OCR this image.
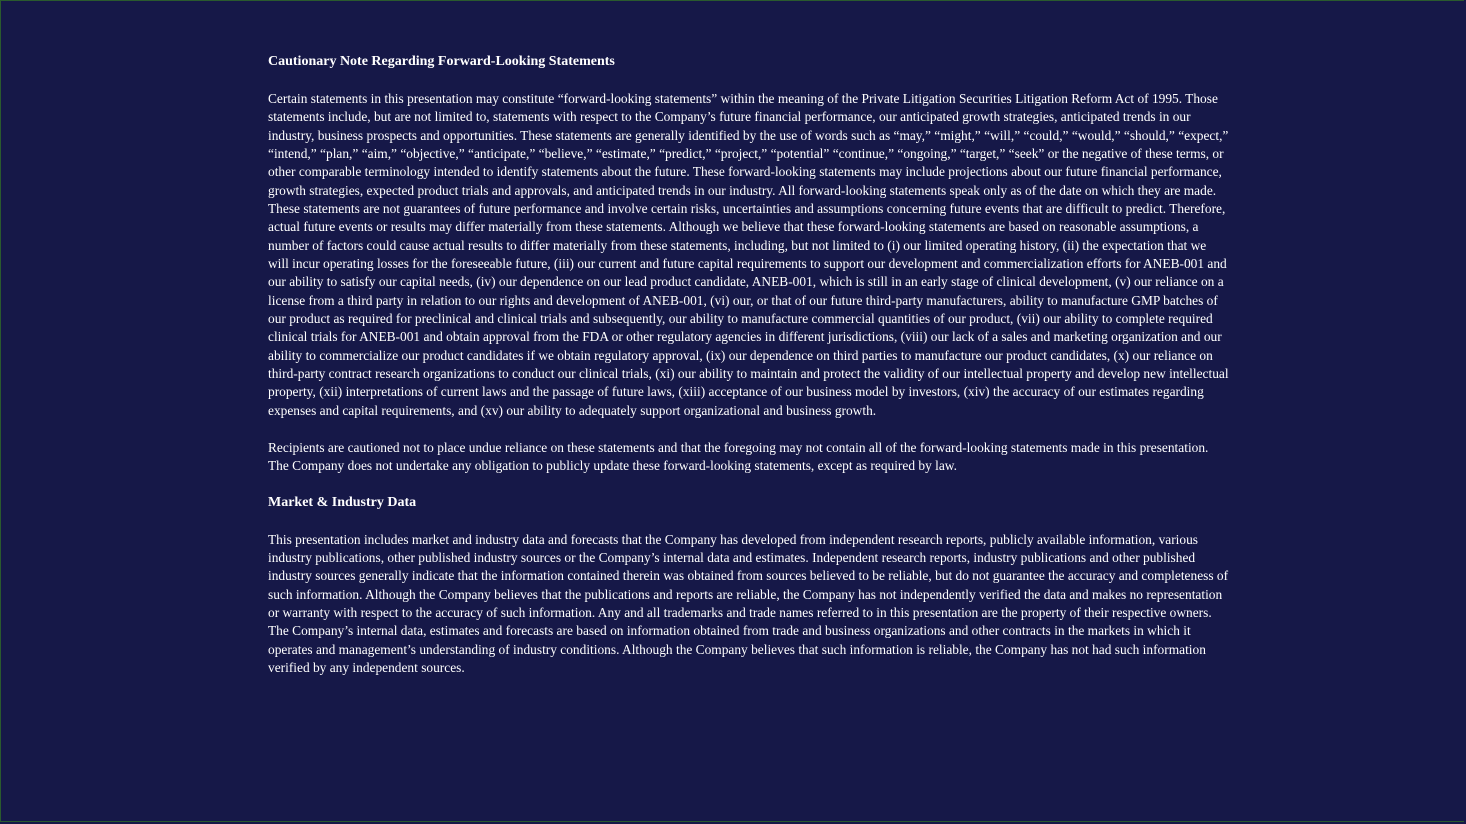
Cautionary Note Regarding Forward-Looking Statements

Certain statements in this presentation may constitute “forward-looking statements” within the meaning of the Private Litigation Securities Litigation Reform Act of 1995. Those statements include, but are not limited to, statements with respect to the Company’s future financial performance, our anticipated growth strategies, anticipated trends in our industry, business prospects and opportunities. These statements are generally identified by the use of words such as “may,” “might,” “will,” “could,” “would,” “should,” “expect,” “intend,” “plan,” “aim,” “objective,” “anticipate,” “believe,” “estimate,” “predict,” “project,” “potential” “continue,” “ongoing,” “target,” “seek” or the negative of these terms, or other comparable terminology intended to identify statements about the future. These forward-looking statements may include projections about our future financial performance, growth strategies, expected product trials and approvals, and anticipated trends in our industry. All forward-looking statements speak only as of the date on which they are made. These statements are not guarantees of future performance and involve certain risks, uncertainties and assumptions concerning future events that are difficult to predict. Therefore, actual future events or results may differ materially from these statements. Although we believe that these forward-looking statements are based on reasonable assumptions, a number of factors could cause actual results to differ materially from these statements, including, but not limited to (i) our limited operating history, (ii) the expectation that we will incur operating losses for the foreseeable future, (iii) our current and future capital requirements to support our development and commercialization efforts for ANEB-001 and our ability to satisfy our capital needs, (iv) our dependence on our lead product candidate, ANEB-001, which is still in an early stage of clinical development, (v) our reliance on a license from a third party in relation to our rights and development of ANEB-001, (vi) our, or that of our future third-party manufacturers, ability to manufacture GMP batches of our product as required for preclinical and clinical trials and subsequently, our ability to manufacture commercial quantities of our product, (vii) our ability to complete required clinical trials for ANEB-001 and obtain approval from the FDA or other regulatory agencies in different jurisdictions, (viii) our lack of a sales and marketing organization and our ability to commercialize our product candidates if we obtain regulatory approval, (ix) our dependence on third parties to manufacture our product candidates, (x) our reliance on third-party contract research organizations to conduct our clinical trials, (xi) our ability to maintain and protect the validity of our intellectual property and develop new intellectual property, (xii) interpretations of current laws and the passage of future laws, (xiii) acceptance of our business model by investors, (xiv) the accuracy of our estimates regarding expenses and capital requirements, and (xv) our ability to adequately support organizational and business growth.

Recipients are cautioned not to place undue reliance on these statements and that the foregoing may not contain all of the forward-looking statements made in this presentation. The Company does not undertake any obligation to publicly update these forward-looking statements, except as required by law.

Market & Industry Data

This presentation includes market and industry data and forecasts that the Company has developed from independent research reports, publicly available information, various industry publications, other published industry sources or the Company’s internal data and estimates. Independent research reports, industry publications and other published industry sources generally indicate that the information contained therein was obtained from sources believed to be reliable, but do not guarantee the accuracy and completeness of such information. Although the Company believes that the publications and reports are reliable, the Company has not independently verified the data and makes no representation or warranty with respect to the accuracy of such information. Any and all trademarks and trade names referred to in this presentation are the property of their respective owners. The Company’s internal data, estimates and forecasts are based on information obtained from trade and business organizations and other contracts in the markets in which it operates and management’s understanding of industry conditions. Although the Company believes that such information is reliable, the Company has not had such information verified by any independent sources.
